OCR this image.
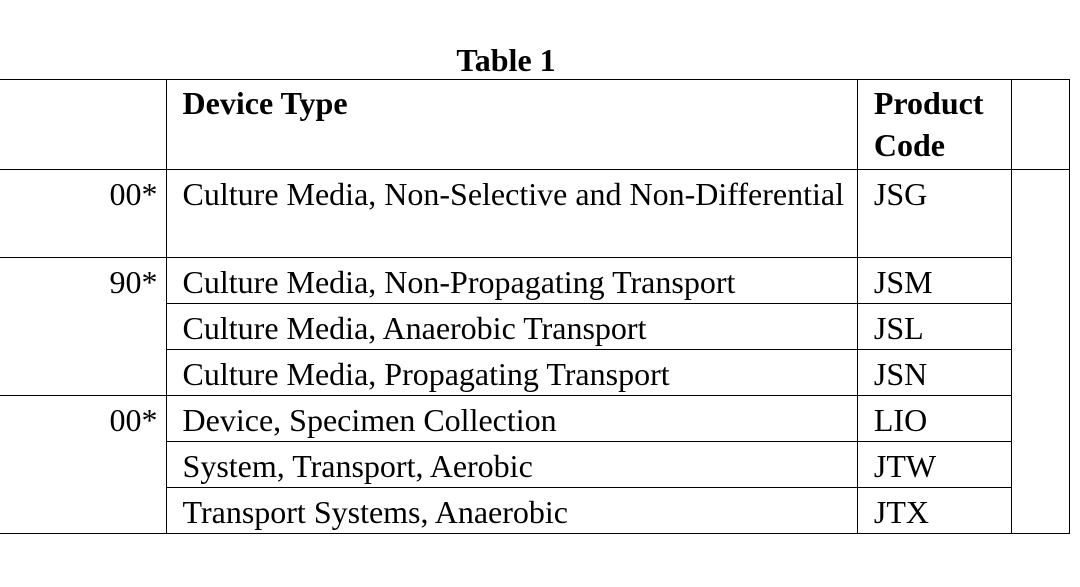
Table 1
	Device Type	Product
Code	
00*	Culture Media, Non-Selective and Non-Differential	JSG	
90*	Culture Media, Non-Propagating Transport	JSM	
	Culture Media, Anaerobic Transport	JSL	
	Culture Media, Propagating Transport	JSN	
00*	Device, Specimen Collection	LIO	
	System, Transport, Aerobic	JTW	
	Transport Systems, Anaerobic	JTX	
